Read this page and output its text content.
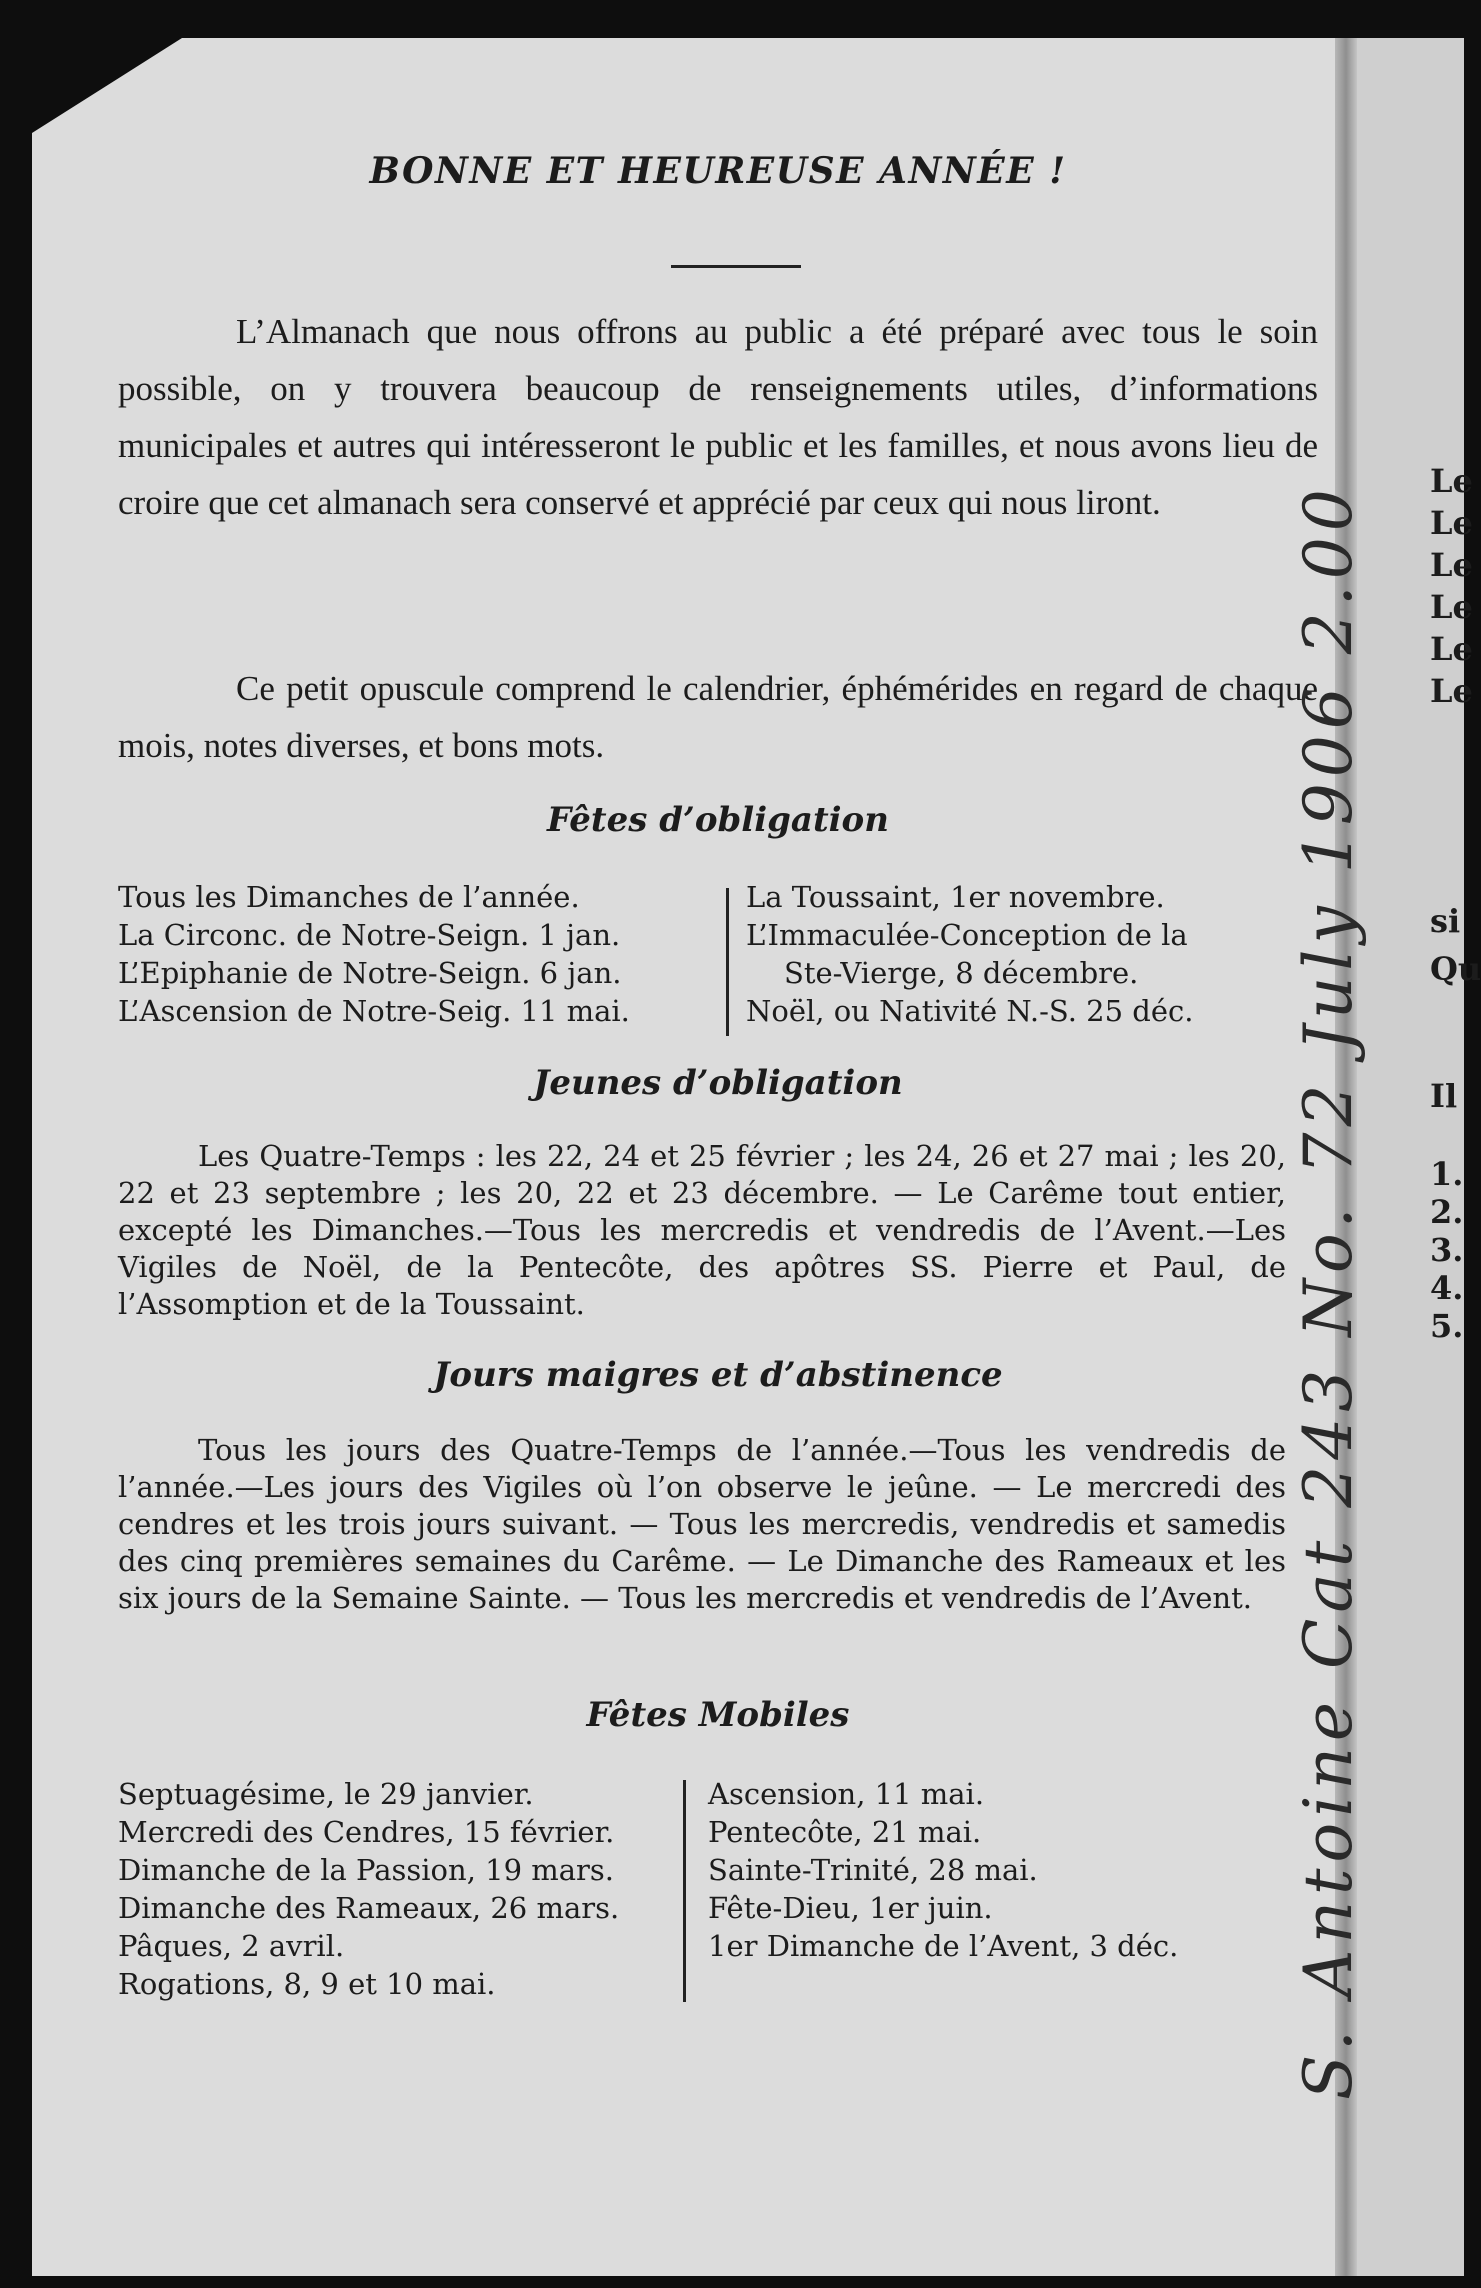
BONNE ET HEUREUSE ANNÉE !

L’Almanach que nous offrons au public a été préparé avec tous le soin possible, on y trouvera beaucoup de renseignements utiles, d’informations municipales et autres qui intéresseront le public et les familles, et nous avons lieu de croire que cet almanach sera conservé et apprécié par ceux qui nous liront.

Ce petit opuscule comprend le calendrier, éphémérides en regard de chaque mois, notes diverses, et bons mots.

Fêtes d’obligation
Tous les Dimanches de l’année.
La Circonc. de Notre-Seign. 1 jan.
L’Epiphanie de Notre-Seign. 6 jan.
L’Ascension de Notre-Seig. 11 mai.
La Toussaint, 1er novembre.
L’Immaculée-Conception de la
Ste-Vierge, 8 décembre.
Noël, ou Nativité N.-S. 25 déc.
Jeunes d’obligation

Les Quatre-Temps : les 22, 24 et 25 février ; les 24, 26 et 27 mai ; les 20, 22 et 23 septembre ; les 20, 22 et 23 décembre. — Le Carême tout entier, excepté les Dimanches.—Tous les mercredis et vendredis de l’Avent.—Les Vigiles de Noël, de la Pentecôte, des apôtres SS. Pierre et Paul, de l’Assomption et de la Toussaint.

Jours maigres et d’abstinence

Tous les jours des Quatre-Temps de l’année.—Tous les vendredis de l’année.—Les jours des Vigiles où l’on observe le jeûne. — Le mercredi des cendres et les trois jours suivant. — Tous les mercredis, vendredis et samedis des cinq premières semaines du Carême. — Le Dimanche des Rameaux et les six jours de la Semaine Sainte. — Tous les mercredis et vendredis de l’Avent.

Fêtes Mobiles
Septuagésime, le 29 janvier.
Mercredi des Cendres, 15 février.
Dimanche de la Passion, 19 mars.
Dimanche des Rameaux, 26 mars.
Pâques, 2 avril.
Rogations, 8, 9 et 10 mai.
Ascension, 11 mai.
Pentecôte, 21 mai.
Sainte-Trinité, 28 mai.
Fête-Dieu, 1er juin.
1er Dimanche de l’Avent, 3 déc.
Le
Le
Le
Le
Le
Le
si
Qu
Il
1.
2.
3.
4.
5.
S. Antoine Cat 243 No. 72 July 1906 2.00
